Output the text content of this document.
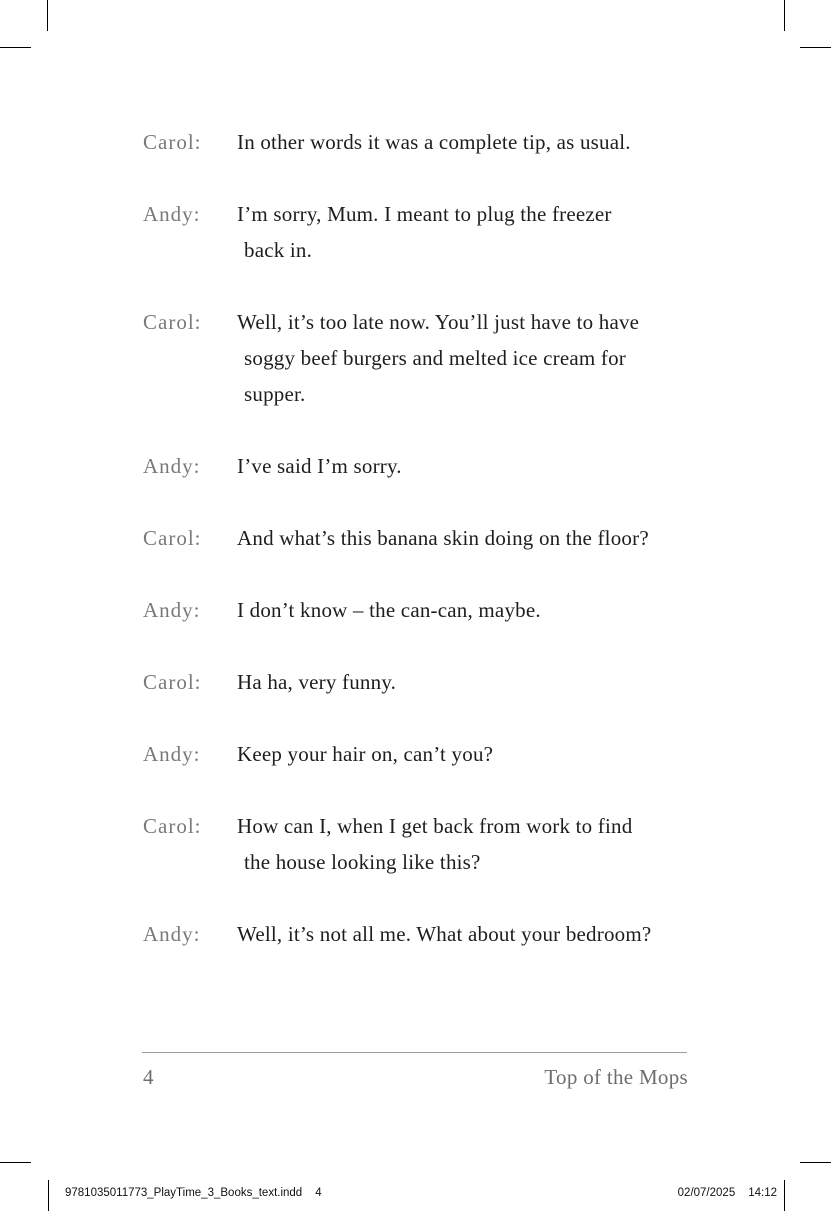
Carol:	In other words it was a complete tip, as usual.
Andy:	I’m sorry, Mum. I meant to plug the freezer
back in.
Carol:	Well, it’s too late now. You’ll just have to have
soggy beef burgers and melted ice cream for
supper.
Andy:	I’ve said I’m sorry.
Carol:	And what’s this banana skin doing on the floor?
Andy:	I don’t know – the can-can, maybe.
Carol:	Ha ha, very funny.
Andy:	Keep your hair on, can’t you?
Carol:	How can I, when I get back from work to find
the house looking like this?
Andy:	Well, it’s not all me. What about your bedroom?
4	Top of the Mops
9781035011773_PlayTime_3_Books_text.indd 4	02/07/2025 14:12
